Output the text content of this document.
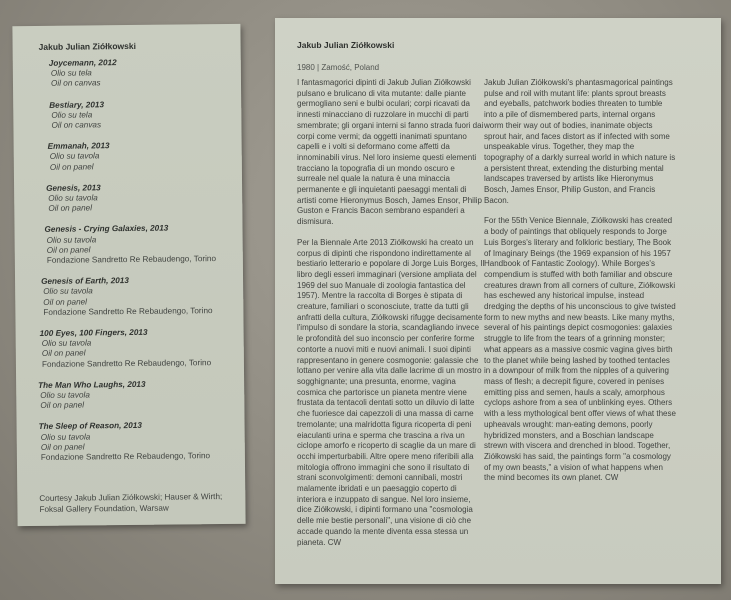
Jakub Julian Ziółkowski
Joycemann, 2012
Olio su tela
Oil on canvas
Bestiary, 2013
Olio su tela
Oil on canvas
Emmanah, 2013
Olio su tavola
Oil on panel
Genesis, 2013
Olio su tavola
Oil on panel
Genesis - Crying Galaxies, 2013
Olio su tavola
Oil on panel
Fondazione Sandretto Re Rebaudengo, Torino
Genesis of Earth, 2013
Olio su tavola
Oil on panel
Fondazione Sandretto Re Rebaudengo, Torino
100 Eyes, 100 Fingers, 2013
Olio su tavola
Oil on panel
Fondazione Sandretto Re Rebaudengo, Torino
The Man Who Laughs, 2013
Olio su tavola
Oil on panel
The Sleep of Reason, 2013
Olio su tavola
Oil on panel
Fondazione Sandretto Re Rebaudengo, Torino
Courtesy Jakub Julian Ziółkowski; Hauser & Wirth; Foksal Gallery Foundation, Warsaw
Jakub Julian Ziółkowski
1980 | Zamość, Poland

I fantasmagorici dipinti di Jakub Julian Ziółkowski pulsano e brulicano di vita mutante: dalle piante germogliano seni e bulbi oculari; corpi ricavati da innesti minacciano di ruzzolare in mucchi di parti smembrate; gli organi interni si fanno strada fuori dai corpi come vermi; da oggetti inanimati spuntano capelli e i volti si deformano come affetti da innominabili virus. Nel loro insieme questi elementi tracciano la topografia di un mondo oscuro e surreale nel quale la natura è una minaccia permanente e gli inquietanti paesaggi mentali di artisti come Hieronymus Bosch, James Ensor, Philip Guston e Francis Bacon sembrano espanderi a dismisura.

Per la Biennale Arte 2013 Ziółkowski ha creato un corpus di dipinti che rispondono indirettamente al bestiario letterario e popolare di Jorge Luis Borges, Il libro degli esseri immaginari (versione ampliata del 1969 del suo Manuale di zoologia fantastica del 1957). Mentre la raccolta di Borges è stipata di creature, familiari o sconosciute, tratte da tutti gli anfratti della cultura, Ziółkowski rifugge decisamente l'impulso di sondare la storia, scandagliando invece le profondità del suo inconscio per conferire forme contorte a nuovi miti e nuovi animali. I suoi dipinti rappresentano in genere cosmogonie: galassie che lottano per venire alla vita dalle lacrime di un mostro sogghignante; una presunta, enorme, vagina cosmica che partorisce un pianeta mentre viene frustata da tentacoli dentati sotto un diluvio di latte che fuoriesce dai capezzoli di una massa di carne tremolante; una malridotta figura ricoperta di peni eiaculanti urina e sperma che trascina a riva un ciclope amorfo e ricoperto di scaglie da un mare di occhi imperturbabili. Altre opere meno riferibili alla mitologia offrono immagini che sono il risultato di strani sconvolgimenti: demoni cannibali, mostri malamente ibridati e un paesaggio coperto di interiora e inzuppato di sangue. Nel loro insieme, dice Ziółkowski, i dipinti formano una "cosmologia delle mie bestie personali", una visione di ciò che accade quando la mente diventa essa stessa un pianeta. CW

Jakub Julian Ziółkowski's phantasmagorical paintings pulse and roil with mutant life: plants sprout breasts and eyeballs, patchwork bodies threaten to tumble into a pile of dismembered parts, internal organs worm their way out of bodies, inanimate objects sprout hair, and faces distort as if infected with some unspeakable virus. Together, they map the topography of a darkly surreal world in which nature is a persistent threat, extending the disturbing mental landscapes traversed by artists like Hieronymus Bosch, James Ensor, Philip Guston, and Francis Bacon.

For the 55th Venice Biennale, Ziółkowski has created a body of paintings that obliquely responds to Jorge Luis Borges's literary and folkloric bestiary, The Book of Imaginary Beings (the 1969 expansion of his 1957 Handbook of Fantastic Zoology). While Borges's compendium is stuffed with both familiar and obscure creatures drawn from all corners of culture, Ziółkowski has eschewed any historical impulse, instead dredging the depths of his unconscious to give twisted form to new myths and new beasts. Like many myths, several of his paintings depict cosmogonies: galaxies struggle to life from the tears of a grinning monster; what appears as a massive cosmic vagina gives birth to the planet while being lashed by toothed tentacles in a downpour of milk from the nipples of a quivering mass of flesh; a decrepit figure, covered in penises emitting piss and semen, hauls a scaly, amorphous cyclops ashore from a sea of unblinking eyes. Others with a less mythological bent offer views of what these upheavals wrought: man-eating demons, poorly hybridized monsters, and a Boschian landscape strewn with viscera and drenched in blood. Together, Ziółkowski has said, the paintings form "a cosmology of my own beasts," a vision of what happens when the mind becomes its own planet. CW
